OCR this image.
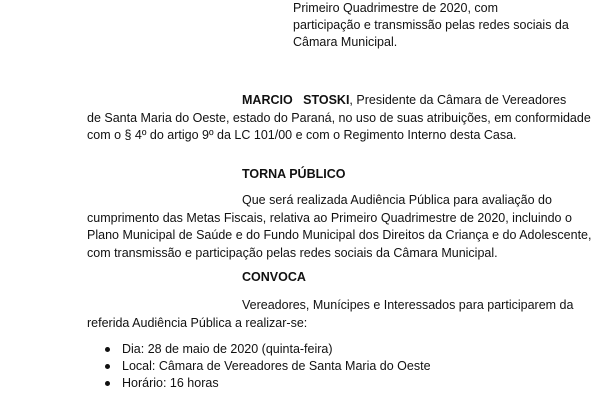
Primeiro Quadrimestre de 2020, com
participação e transmissão pelas redes sociais da
Câmara Municipal.
MARCIO   STOSKI, Presidente da Câmara de Vereadores
de Santa Maria do Oeste, estado do Paraná, no uso de suas atribuições, em conformidade
com o § 4º do artigo 9º da LC 101/00 e com o Regimento Interno desta Casa.
TORNA PÚBLICO
Que será realizada Audiência Pública para avaliação do
cumprimento das Metas Fiscais, relativa ao Primeiro Quadrimestre de 2020, incluindo o
Plano Municipal de Saúde e do Fundo Municipal dos Direitos da Criança e do Adolescente,
com transmissão e participação pelas redes sociais da Câmara Municipal.
CONVOCA
Vereadores, Munícipes e Interessados para participarem da
referida Audiência Pública a realizar-se:
Dia: 28 de maio de 2020 (quinta-feira)
Local: Câmara de Vereadores de Santa Maria do Oeste
Horário: 16 horas
